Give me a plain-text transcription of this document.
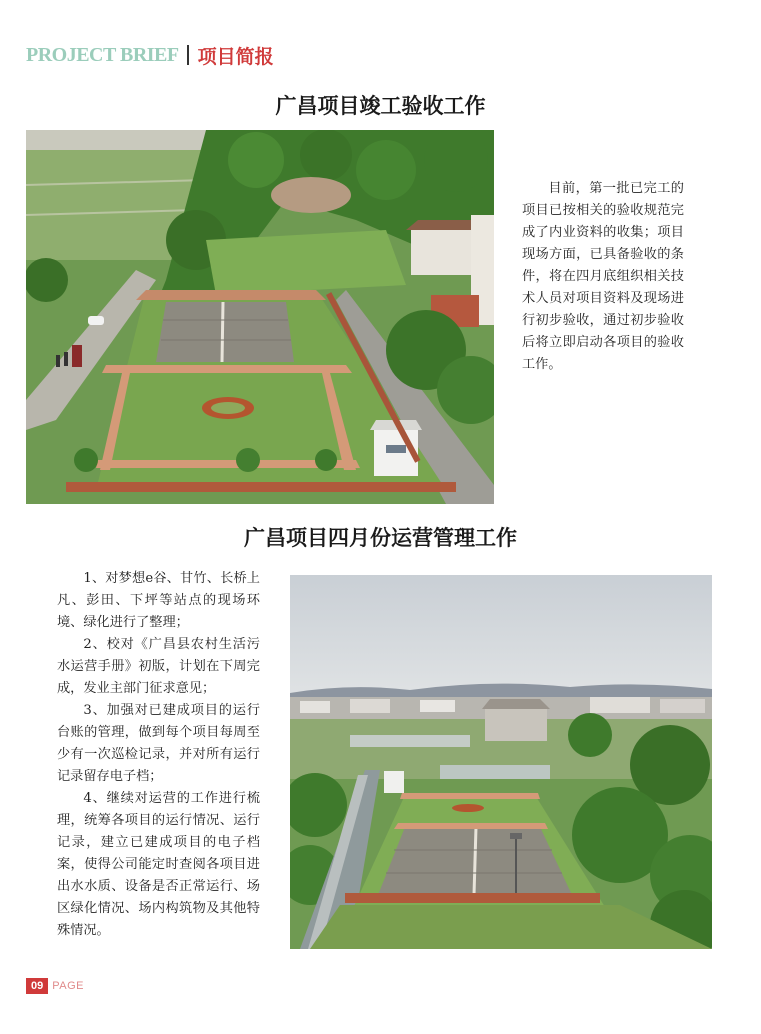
PROJECT BRIEF 项目简报
广昌项目竣工验收工作

目前，第一批已完工的项目已按相关的验收规范完成了内业资料的收集；项目现场方面，已具备验收的条件，将在四月底组织相关技术人员对项目资料及现场进行初步验收，通过初步验收后将立即启动各项目的验收工作。

广昌项目四月份运营管理工作

1、对梦想e谷、甘竹、长桥上凡、彭田、下坪等站点的现场环境、绿化进行了整理；

2、校对《广昌县农村生活污水运营手册》初版，计划在下周完成，发业主部门征求意见；

3、加强对已建成项目的运行台账的管理，做到每个项目每周至少有一次巡检记录，并对所有运行记录留存电子档；

4、继续对运营的工作进行梳理，统筹各项目的运行情况、运行记录，建立已建成项目的电子档案，使得公司能定时查阅各项目进出水水质、设备是否正常运行、场区绿化情况、场内构筑物及其他特殊情况。

09 PAGE
